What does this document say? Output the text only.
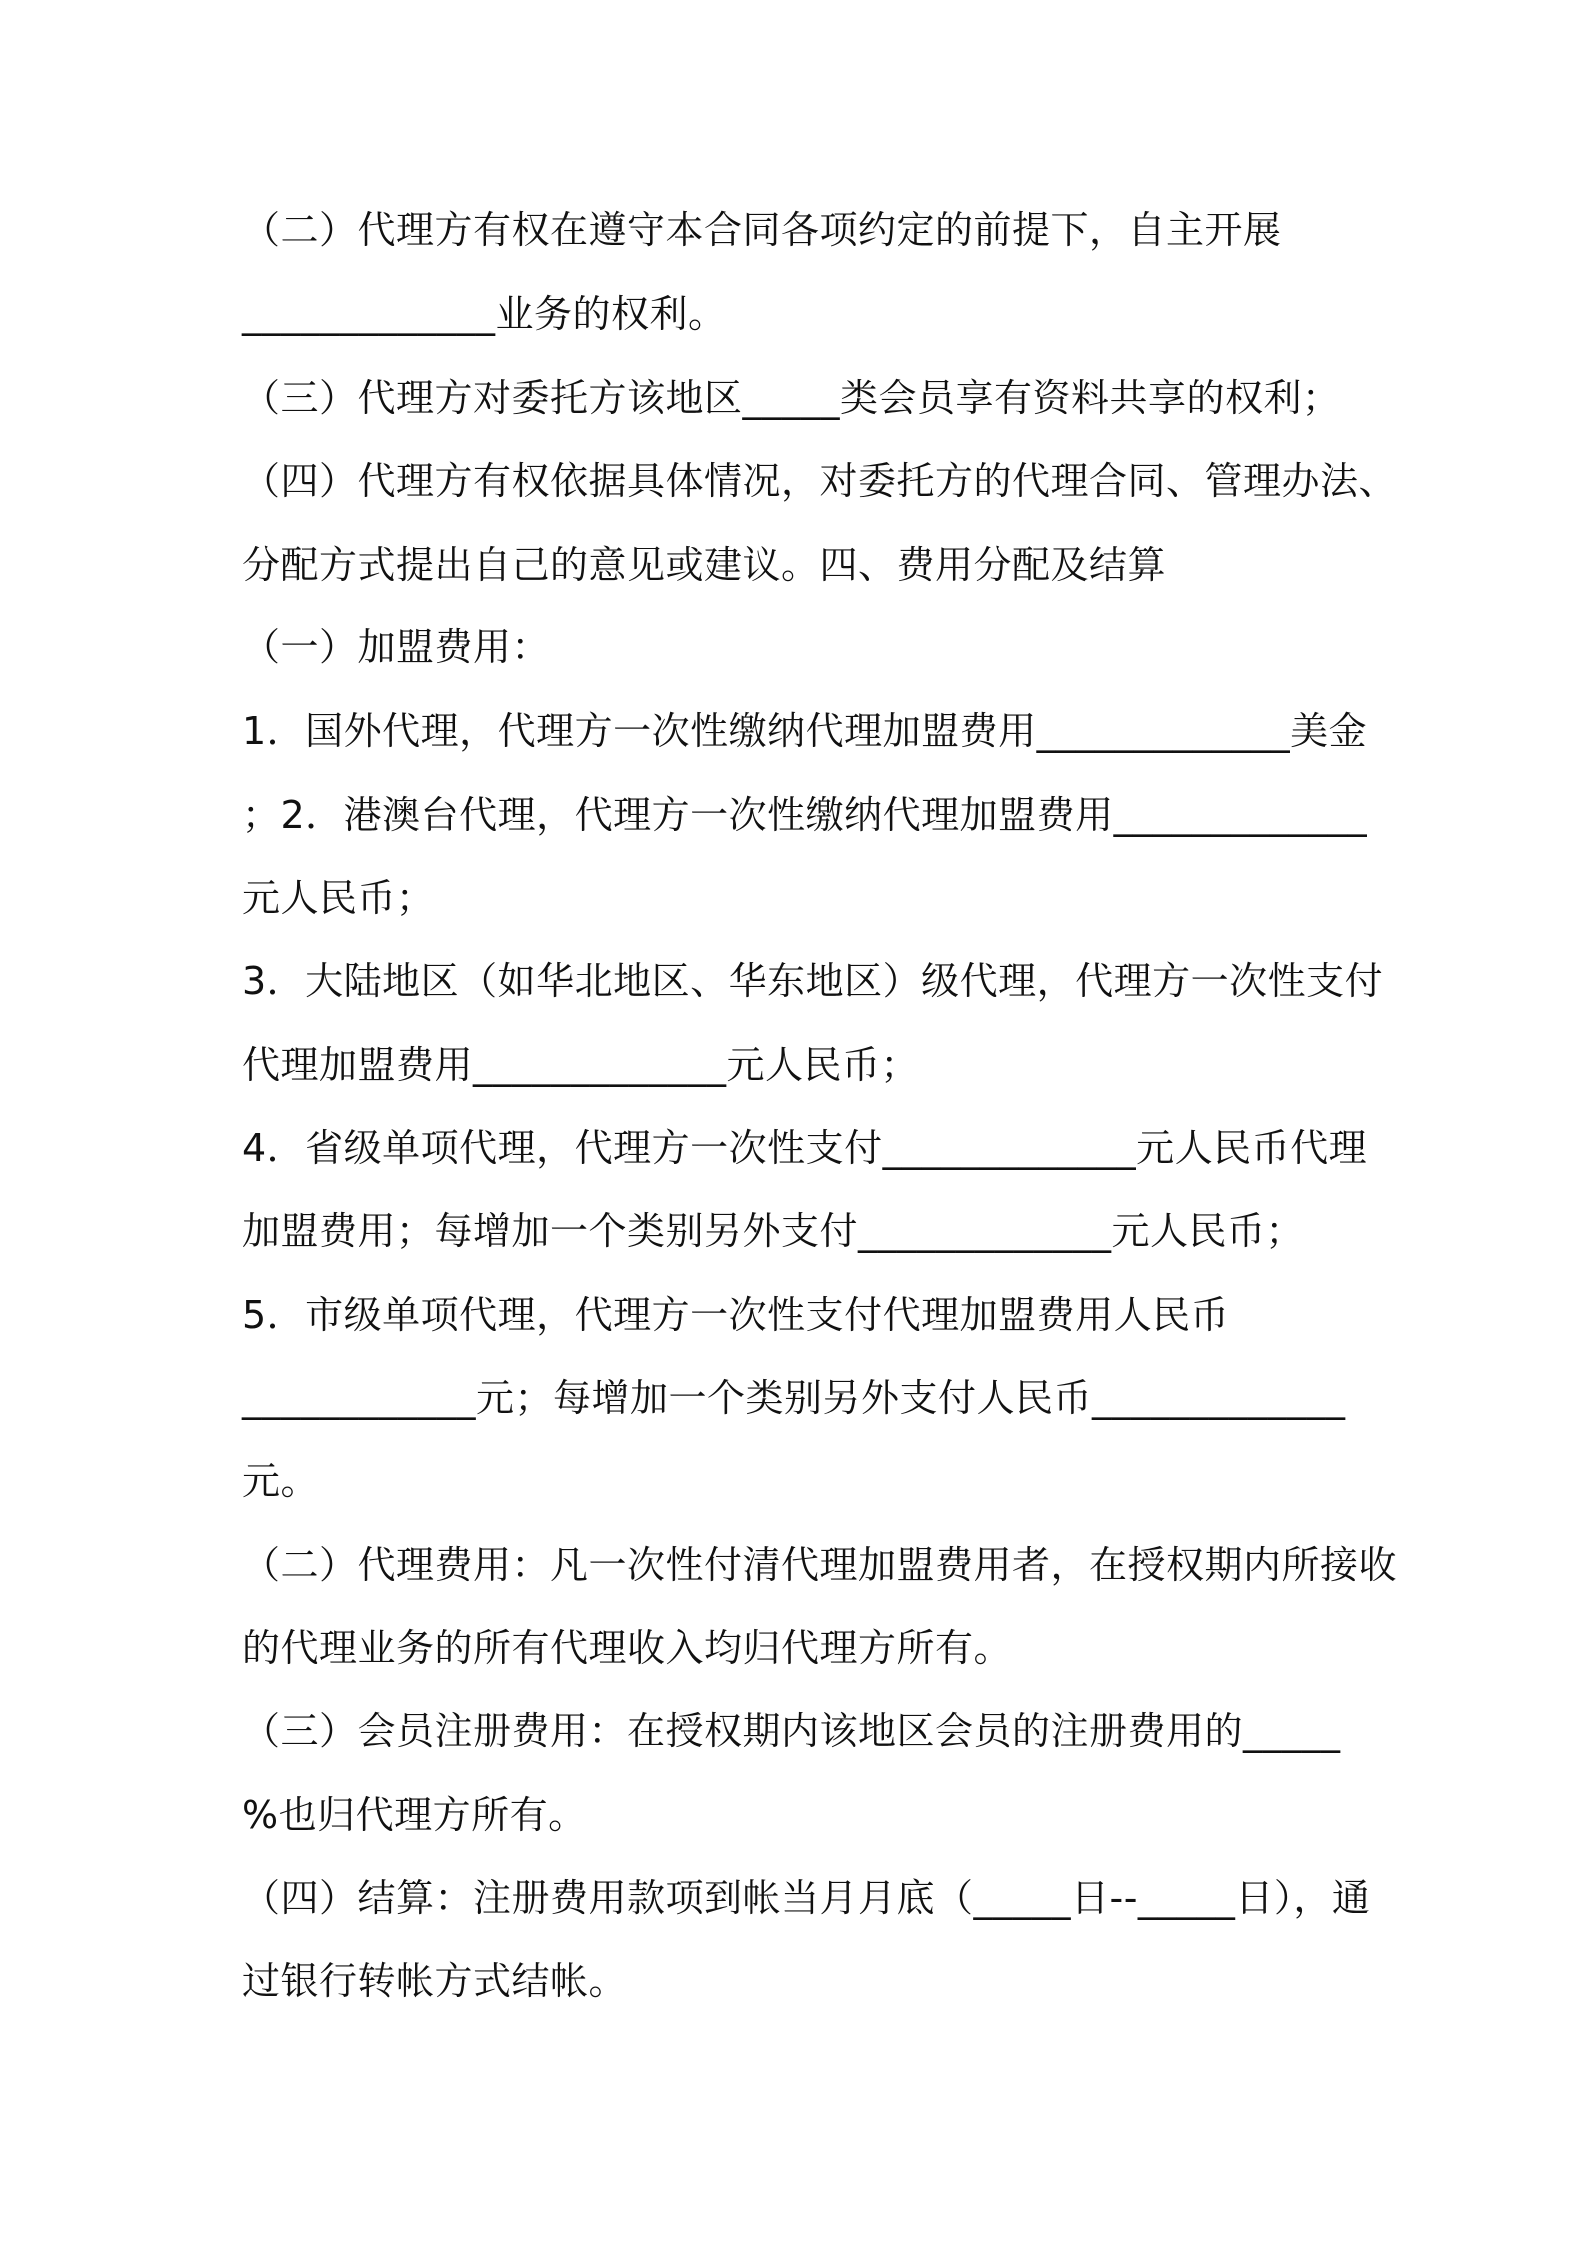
（二）代理方有权在遵守本合同各项约定的前提下，自主开展
_____________业务的权利。
（三）代理方对委托方该地区_____类会员享有资料共享的权利；
（四）代理方有权依据具体情况，对委托方的代理合同、管理办法、
分配方式提出自己的意见或建议。四、费用分配及结算
（一）加盟费用：
1．国外代理，代理方一次性缴纳代理加盟费用_____________美金
；2．港澳台代理，代理方一次性缴纳代理加盟费用_____________
元人民币；
3．大陆地区（如华北地区、华东地区）级代理，代理方一次性支付
代理加盟费用_____________元人民币；
4．省级单项代理，代理方一次性支付_____________元人民币代理
加盟费用；每增加一个类别另外支付_____________元人民币；
5．市级单项代理，代理方一次性支付代理加盟费用人民币
____________元；每增加一个类别另外支付人民币_____________
元。
（二）代理费用：凡一次性付清代理加盟费用者，在授权期内所接收
的代理业务的所有代理收入均归代理方所有。
（三）会员注册费用：在授权期内该地区会员的注册费用的_____
%也归代理方所有。
（四）结算：注册费用款项到帐当月月底（_____日--_____日），通
过银行转帐方式结帐。
